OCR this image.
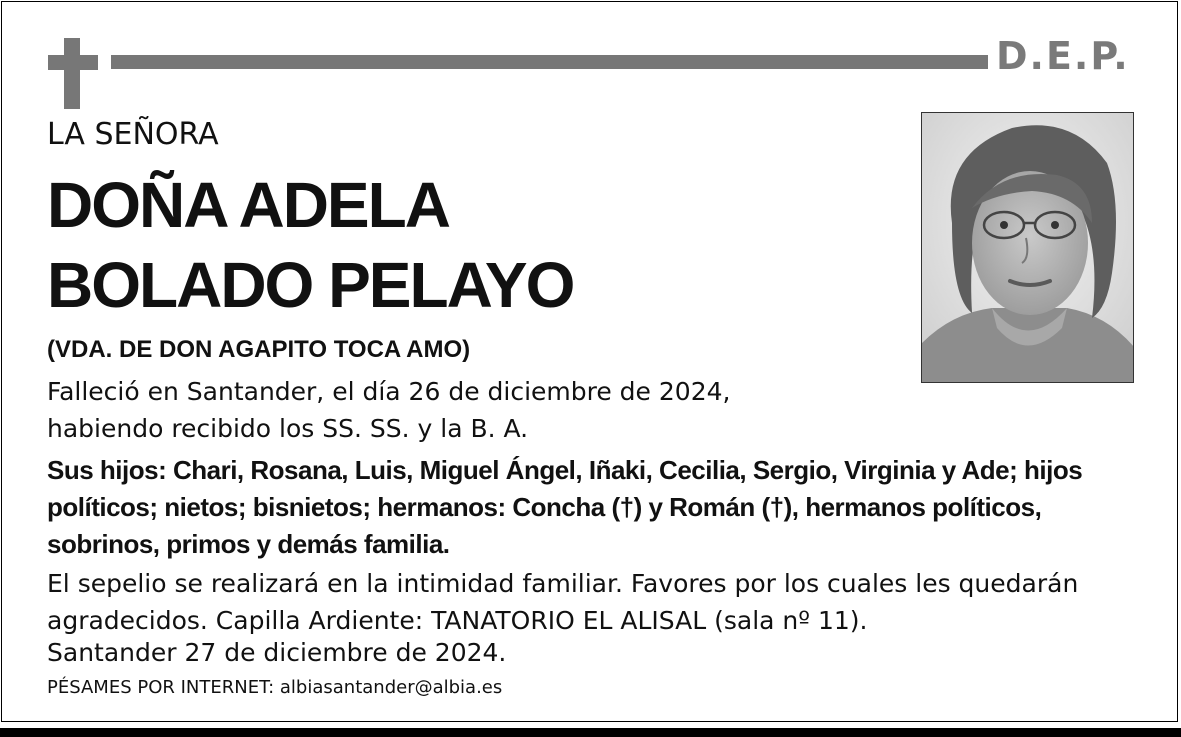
D.E.P.
LA SEÑORA
DOÑA ADELA
BOLADO PELAYO
(VDA. DE DON AGAPITO TOCA AMO)
Falleció en Santander, el día 26 de diciembre de 2024,
habiendo recibido los SS. SS. y la B. A.
Sus hijos: Chari, Rosana, Luis, Miguel Ángel, Iñaki, Cecilia, Sergio, Virginia y Ade; hijos
políticos; nietos; bisnietos; hermanos: Concha (†) y Román (†), hermanos políticos,
sobrinos, primos y demás familia.
El sepelio se realizará en la intimidad familiar. Favores por los cuales les quedarán
agradecidos. Capilla Ardiente: TANATORIO EL ALISAL (sala nº 11).
Santander 27 de diciembre de 2024.
PÉSAMES POR INTERNET: albiasantander@albia.es
